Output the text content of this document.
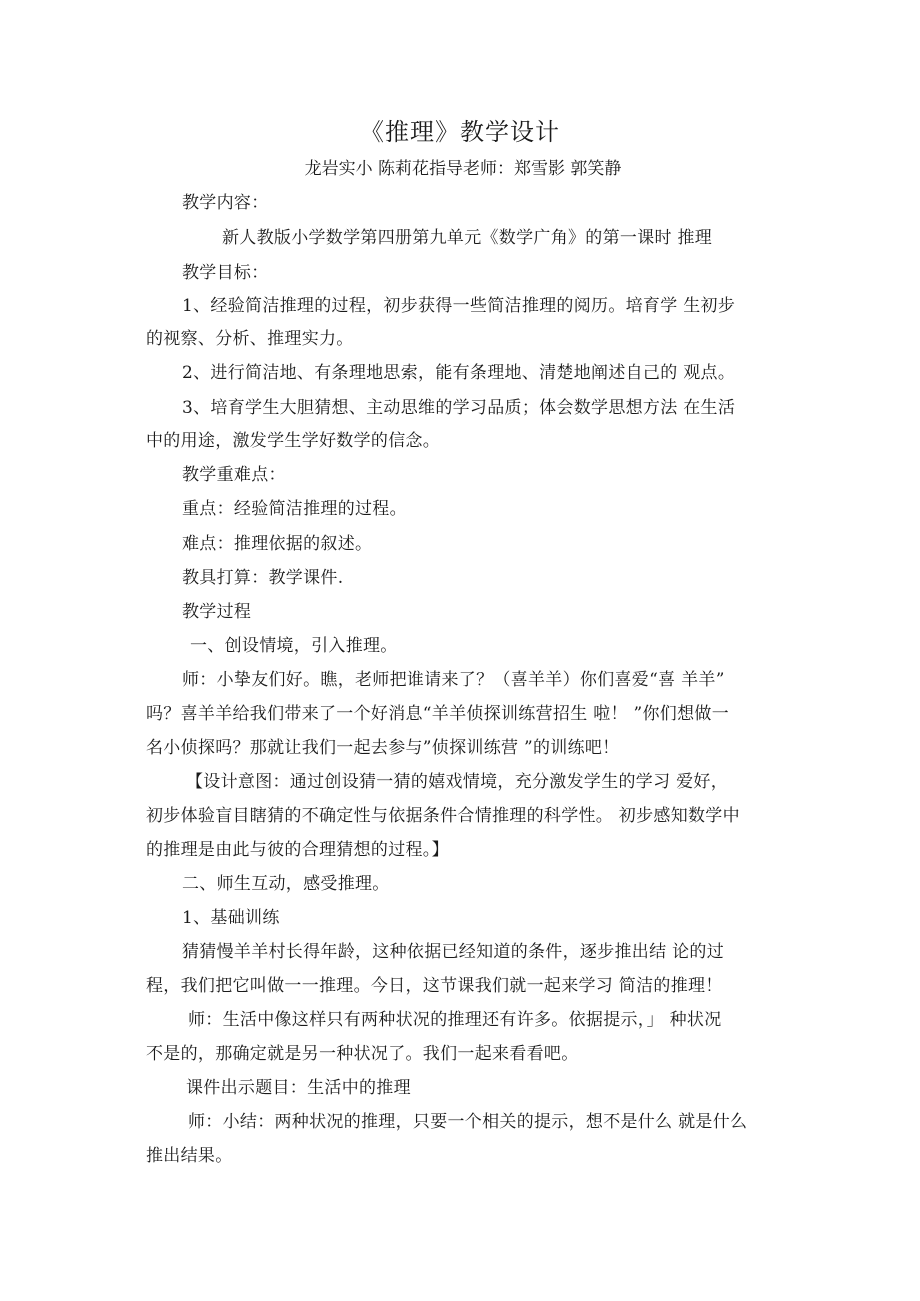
《推理》教学设计
龙岩实小 陈莉花指导老师：郑雪影 郭笑静
教学内容：
新人教版小学数学第四册第九单元《数学广角》的第一课时 推理
教学目标：
1、经验简洁推理的过程，初步获得一些简洁推理的阅历。培育学 生初步
的视察、分析、推理实力。
2、进行简洁地、有条理地思索，能有条理地、清楚地阐述自己的 观点。
3、培育学生大胆猜想、主动思维的学习品质；体会数学思想方法 在生活
中的用途，激发学生学好数学的信念。
教学重难点：
重点：经验简洁推理的过程。
难点：推理依据的叙述。
教具打算：教学课件.
教学过程
一、创设情境，引入推理。
师：小挚友们好。瞧，老师把谁请来了？（喜羊羊）你们喜爱“喜 羊羊”
吗？喜羊羊给我们带来了一个好消息“羊羊侦探训练营招生 啦！ ”你们想做一
名小侦探吗？那就让我们一起去参与”侦探训练营 ”的训练吧！
【设计意图：通过创设猜一猜的嬉戏情境，充分激发学生的学习 爱好，
初步体验盲目瞎猜的不确定性与依据条件合情推理的科学性。 初步感知数学中
的推理是由此与彼的合理猜想的过程。】
二、师生互动，感受推理。
1、基础训练
猜猜慢羊羊村长得年龄，这种依据已经知道的条件，逐步推出结 论的过
程，我们把它叫做一一推理。今日，这节课我们就一起来学习 简洁的推理！
师：生活中像这样只有两种状况的推理还有许多。依据提示，」 种状况
不是的，那确定就是另一种状况了。我们一起来看看吧。
课件出示题目：生活中的推理
师：小结：两种状况的推理，只要一个相关的提示，想不是什么 就是什么
推出结果。
